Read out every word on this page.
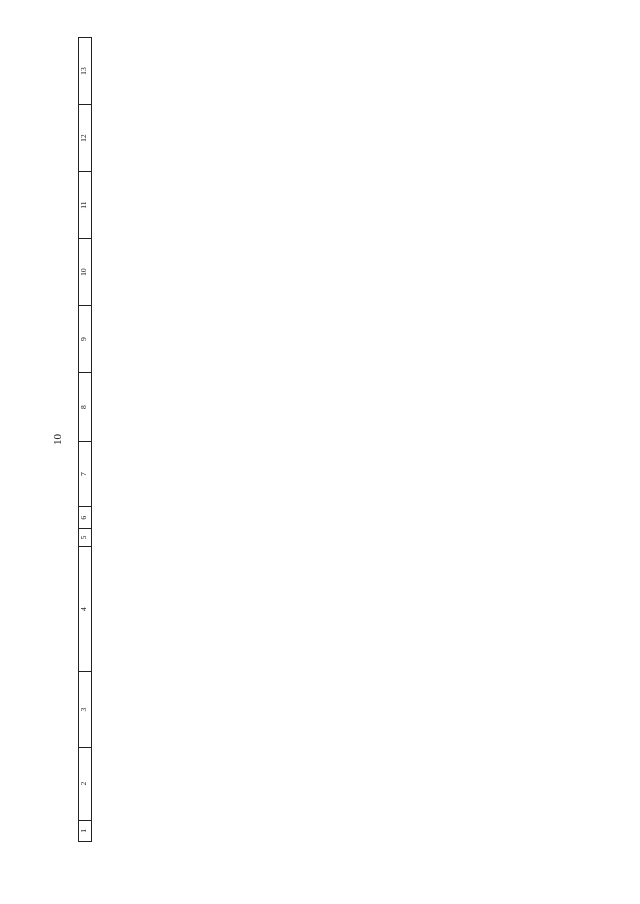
10
1	2	3	4	5	6	7	8	9	10	11	12	13
